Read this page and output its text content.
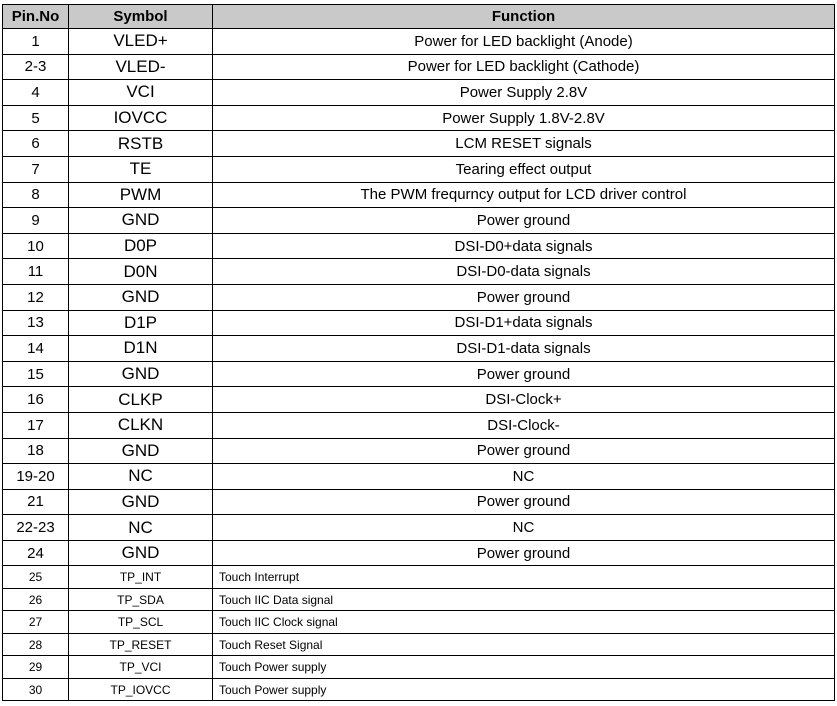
Pin.No	Symbol	Function
1	VLED+	Power for LED backlight (Anode)
2-3	VLED-	Power for LED backlight (Cathode)
4	VCI	Power Supply 2.8V
5	IOVCC	Power Supply 1.8V-2.8V
6	RSTB	LCM RESET signals
7	TE	Tearing effect output
8	PWM	The PWM frequrncy output for LCD driver control
9	GND	Power ground
10	D0P	DSI-D0+data signals
11	D0N	DSI-D0-data signals
12	GND	Power ground
13	D1P	DSI-D1+data signals
14	D1N	DSI-D1-data signals
15	GND	Power ground
16	CLKP	DSI-Clock+
17	CLKN	DSI-Clock-
18	GND	Power ground
19-20	NC	NC
21	GND	Power ground
22-23	NC	NC
24	GND	Power ground
25	TP_INT	Touch Interrupt
26	TP_SDA	Touch IIC Data signal
27	TP_SCL	Touch IIC Clock signal
28	TP_RESET	Touch Reset Signal
29	TP_VCI	Touch Power supply
30	TP_IOVCC	Touch Power supply
